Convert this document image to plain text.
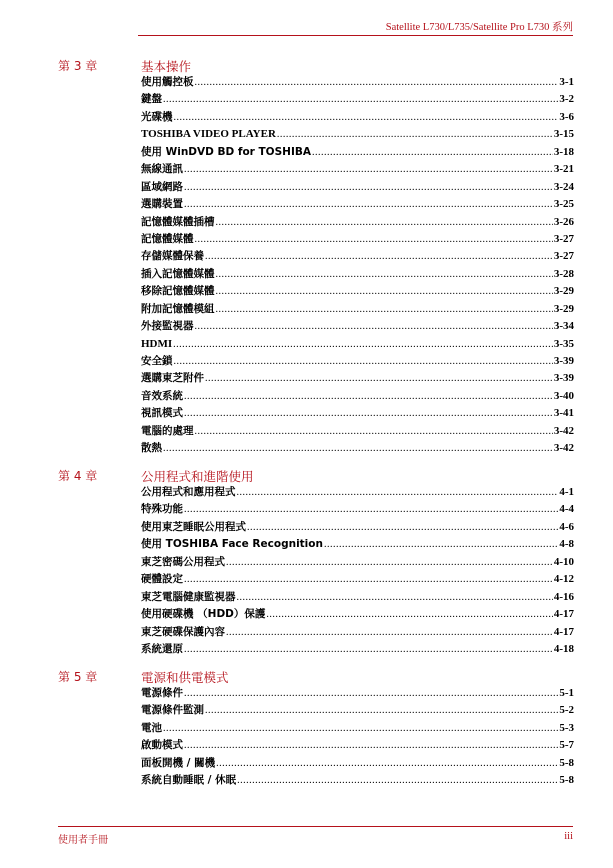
Satellite L730/L735/Satellite Pro L730 系列
第 3 章	基本操作
使用觸控板 .....	3-1
鍵盤 .....	3-2
光碟機 .....	3-6
TOSHIBA VIDEO PLAYER .....	3-15
使用 WinDVD BD for TOSHIBA .....	3-18
無線通訊 .....	3-21
區域網路 .....	3-24
選購裝置 .....	3-25
記憶體媒體插槽 .....	3-26
記憶體媒體 .....	3-27
存儲媒體保養 .....	3-27
插入記憶體媒體 .....	3-28
移除記憶體媒體 .....	3-29
附加記憶體模組 .....	3-29
外接監視器 .....	3-34
HDMI .....	3-35
安全鎖 .....	3-39
選購東芝附件 .....	3-39
音效系統 .....	3-40
視訊模式 .....	3-41
電腦的處理 .....	3-42
散熱 .....	3-42
第 4 章	公用程式和進階使用
公用程式和應用程式 .....	4-1
特殊功能 .....	4-4
使用東芝睡眠公用程式 .....	4-6
使用 TOSHIBA Face Recognition .....	4-8
東芝密碼公用程式 .....	4-10
硬體設定 .....	4-12
東芝電腦健康監視器 .....	4-16
使用硬碟機 （HDD）保護 .....	4-17
東芝硬碟保護內容 .....	4-17
系統還原 .....	4-18
第 5 章	電源和供電模式
電源條件 .....	5-1
電源條件監測 .....	5-2
電池 .....	5-3
啟動模式 .....	5-7
面板開機 / 關機 .....	5-8
系統自動睡眠 / 休眠 .....	5-8
使用者手冊	iii
